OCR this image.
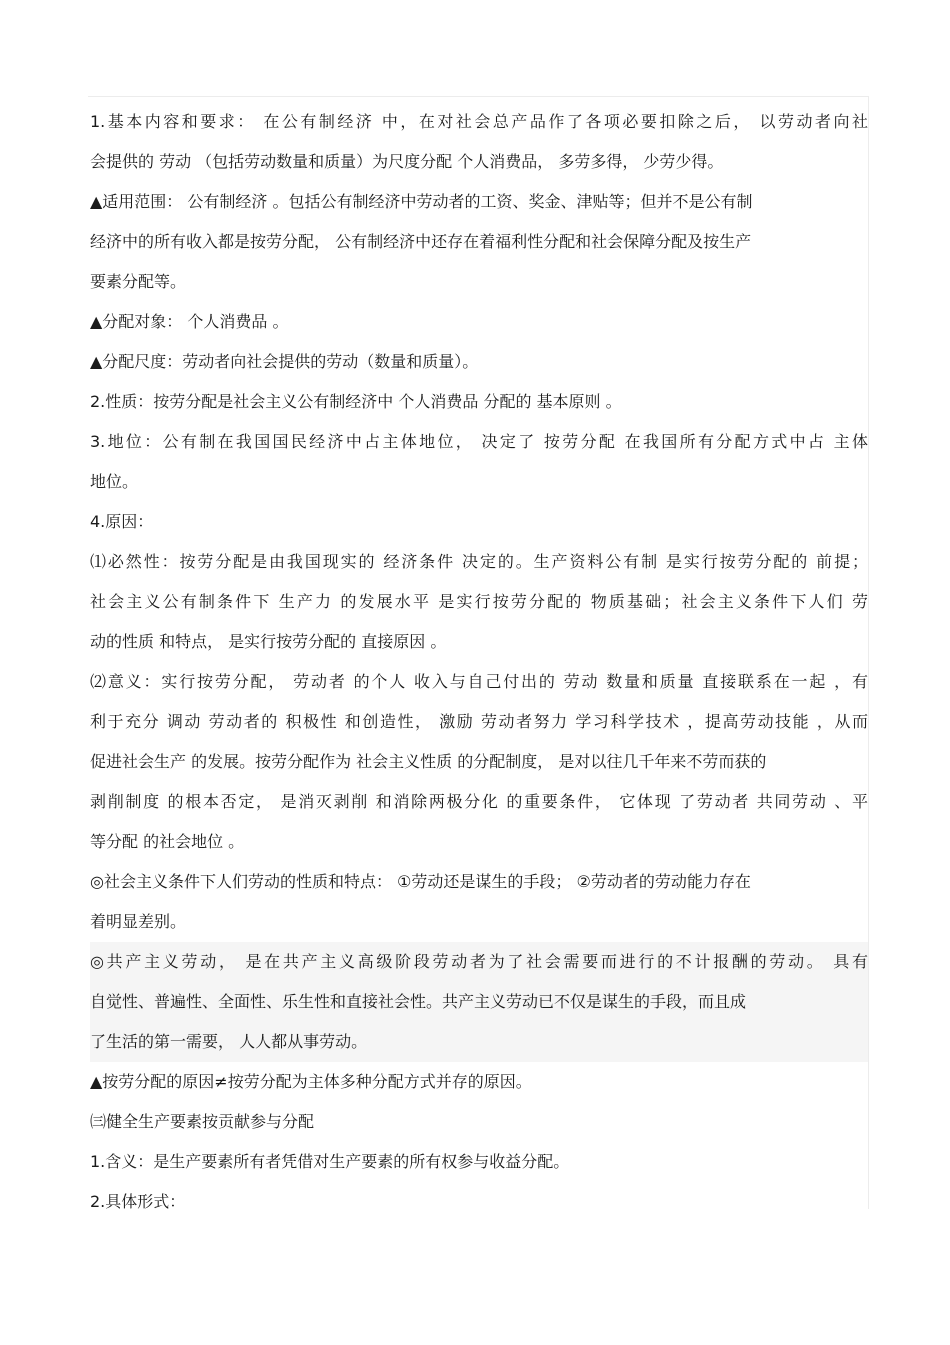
1.基本内容和要求： 在公有制经济 中，在对社会总产品作了各项必要扣除之后， 以劳动者向社
会提供的 劳动 （包括劳动数量和质量）为尺度分配 个人消费品， 多劳多得， 少劳少得。
▲适用范围： 公有制经济 。包括公有制经济中劳动者的工资、奖金、津贴等；但并不是公有制
经济中的所有收入都是按劳分配， 公有制经济中还存在着福利性分配和社会保障分配及按生产
要素分配等。
▲分配对象： 个人消费品 。
▲分配尺度：劳动者向社会提供的劳动（数量和质量）。
2.性质：按劳分配是社会主义公有制经济中 个人消费品 分配的 基本原则 。
3.地位：公有制在我国国民经济中占主体地位， 决定了 按劳分配 在我国所有分配方式中占 主体
地位。
4.原因：
⑴必然性：按劳分配是由我国现实的 经济条件 决定的。生产资料公有制 是实行按劳分配的 前提；
社会主义公有制条件下 生产力 的发展水平 是实行按劳分配的 物质基础；社会主义条件下人们 劳
动的性质 和特点， 是实行按劳分配的 直接原因 。
⑵意义：实行按劳分配， 劳动者 的个人 收入与自己付出的 劳动 数量和质量 直接联系在一起 ，有
利于充分 调动 劳动者的 积极性 和创造性， 激励 劳动者努力 学习科学技术 ，提高劳动技能 ，从而
促进社会生产 的发展。按劳分配作为 社会主义性质 的分配制度， 是对以往几千年来不劳而获的
剥削制度 的根本否定， 是消灭剥削 和消除两极分化 的重要条件， 它体现 了劳动者 共同劳动 、平
等分配 的社会地位 。
◎社会主义条件下人们劳动的性质和特点： ①劳动还是谋生的手段； ②劳动者的劳动能力存在
着明显差别。
◎共产主义劳动， 是在共产主义高级阶段劳动者为了社会需要而进行的不计报酬的劳动。 具有
自觉性、普遍性、全面性、乐生性和直接社会性。共产主义劳动已不仅是谋生的手段，而且成
了生活的第一需要， 人人都从事劳动。
▲按劳分配的原因≠按劳分配为主体多种分配方式并存的原因。
㈢健全生产要素按贡献参与分配
1.含义：是生产要素所有者凭借对生产要素的所有权参与收益分配。
2.具体形式：
